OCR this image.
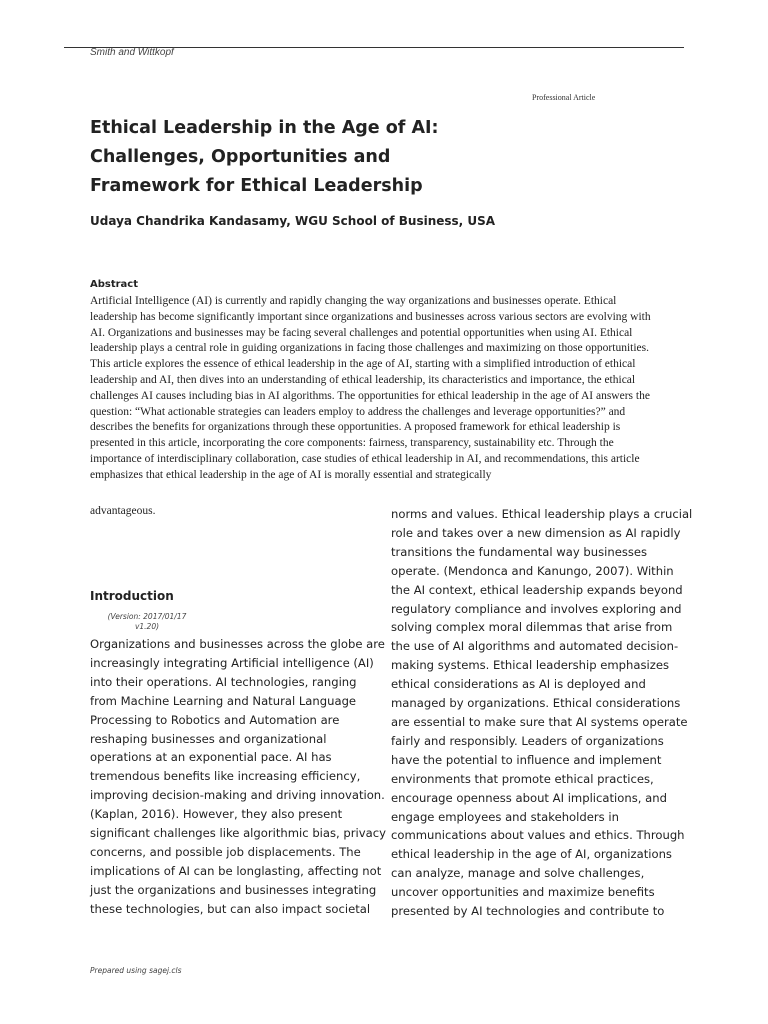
Smith and Wittkopf
Professional Article
Ethical Leadership in the Age of AI:
Challenges, Opportunities and
Framework for Ethical Leadership
Udaya Chandrika Kandasamy, WGU School of Business, USA
Abstract
Artificial Intelligence (AI) is currently and rapidly changing the way organizations and businesses operate. Ethical
leadership has become significantly important since organizations and businesses across various sectors are evolving with
AI. Organizations and businesses may be facing several challenges and potential opportunities when using AI. Ethical
leadership plays a central role in guiding organizations in facing those challenges and maximizing on those opportunities.
This article explores the essence of ethical leadership in the age of AI, starting with a simplified introduction of ethical
leadership and AI, then dives into an understanding of ethical leadership, its characteristics and importance, the ethical
challenges AI causes including bias in AI algorithms. The opportunities for ethical leadership in the age of AI answers the
question: “What actionable strategies can leaders employ to address the challenges and leverage opportunities?” and
describes the benefits for organizations through these opportunities. A proposed framework for ethical leadership is
presented in this article, incorporating the core components: fairness, transparency, sustainability etc. Through the
importance of interdisciplinary collaboration, case studies of ethical leadership in AI, and recommendations, this article
emphasizes that ethical leadership in the age of AI is morally essential and strategically
advantageous.
Introduction
(Version: 2017/01/17
v1.20)
Organizations and businesses across the globe are
increasingly integrating Artificial intelligence (AI)
into their operations. AI technologies, ranging
from Machine Learning and Natural Language
Processing to Robotics and Automation are
reshaping businesses and organizational
operations at an exponential pace. AI has
tremendous benefits like increasing efficiency,
improving decision-making and driving innovation.
(Kaplan, 2016). However, they also present
significant challenges like algorithmic bias, privacy
concerns, and possible job displacements. The
implications of AI can be longlasting, affecting not
just the organizations and businesses integrating
these technologies, but can also impact societal
norms and values. Ethical leadership plays a crucial
role and takes over a new dimension as AI rapidly
transitions the fundamental way businesses
operate. (Mendonca and Kanungo, 2007). Within
the AI context, ethical leadership expands beyond
regulatory compliance and involves exploring and
solving complex moral dilemmas that arise from
the use of AI algorithms and automated decision-
making systems. Ethical leadership emphasizes
ethical considerations as AI is deployed and
managed by organizations. Ethical considerations
are essential to make sure that AI systems operate
fairly and responsibly. Leaders of organizations
have the potential to influence and implement
environments that promote ethical practices,
encourage openness about AI implications, and
engage employees and stakeholders in
communications about values and ethics. Through
ethical leadership in the age of AI, organizations
can analyze, manage and solve challenges,
uncover opportunities and maximize benefits
presented by AI technologies and contribute to
Prepared using sagej.cls
